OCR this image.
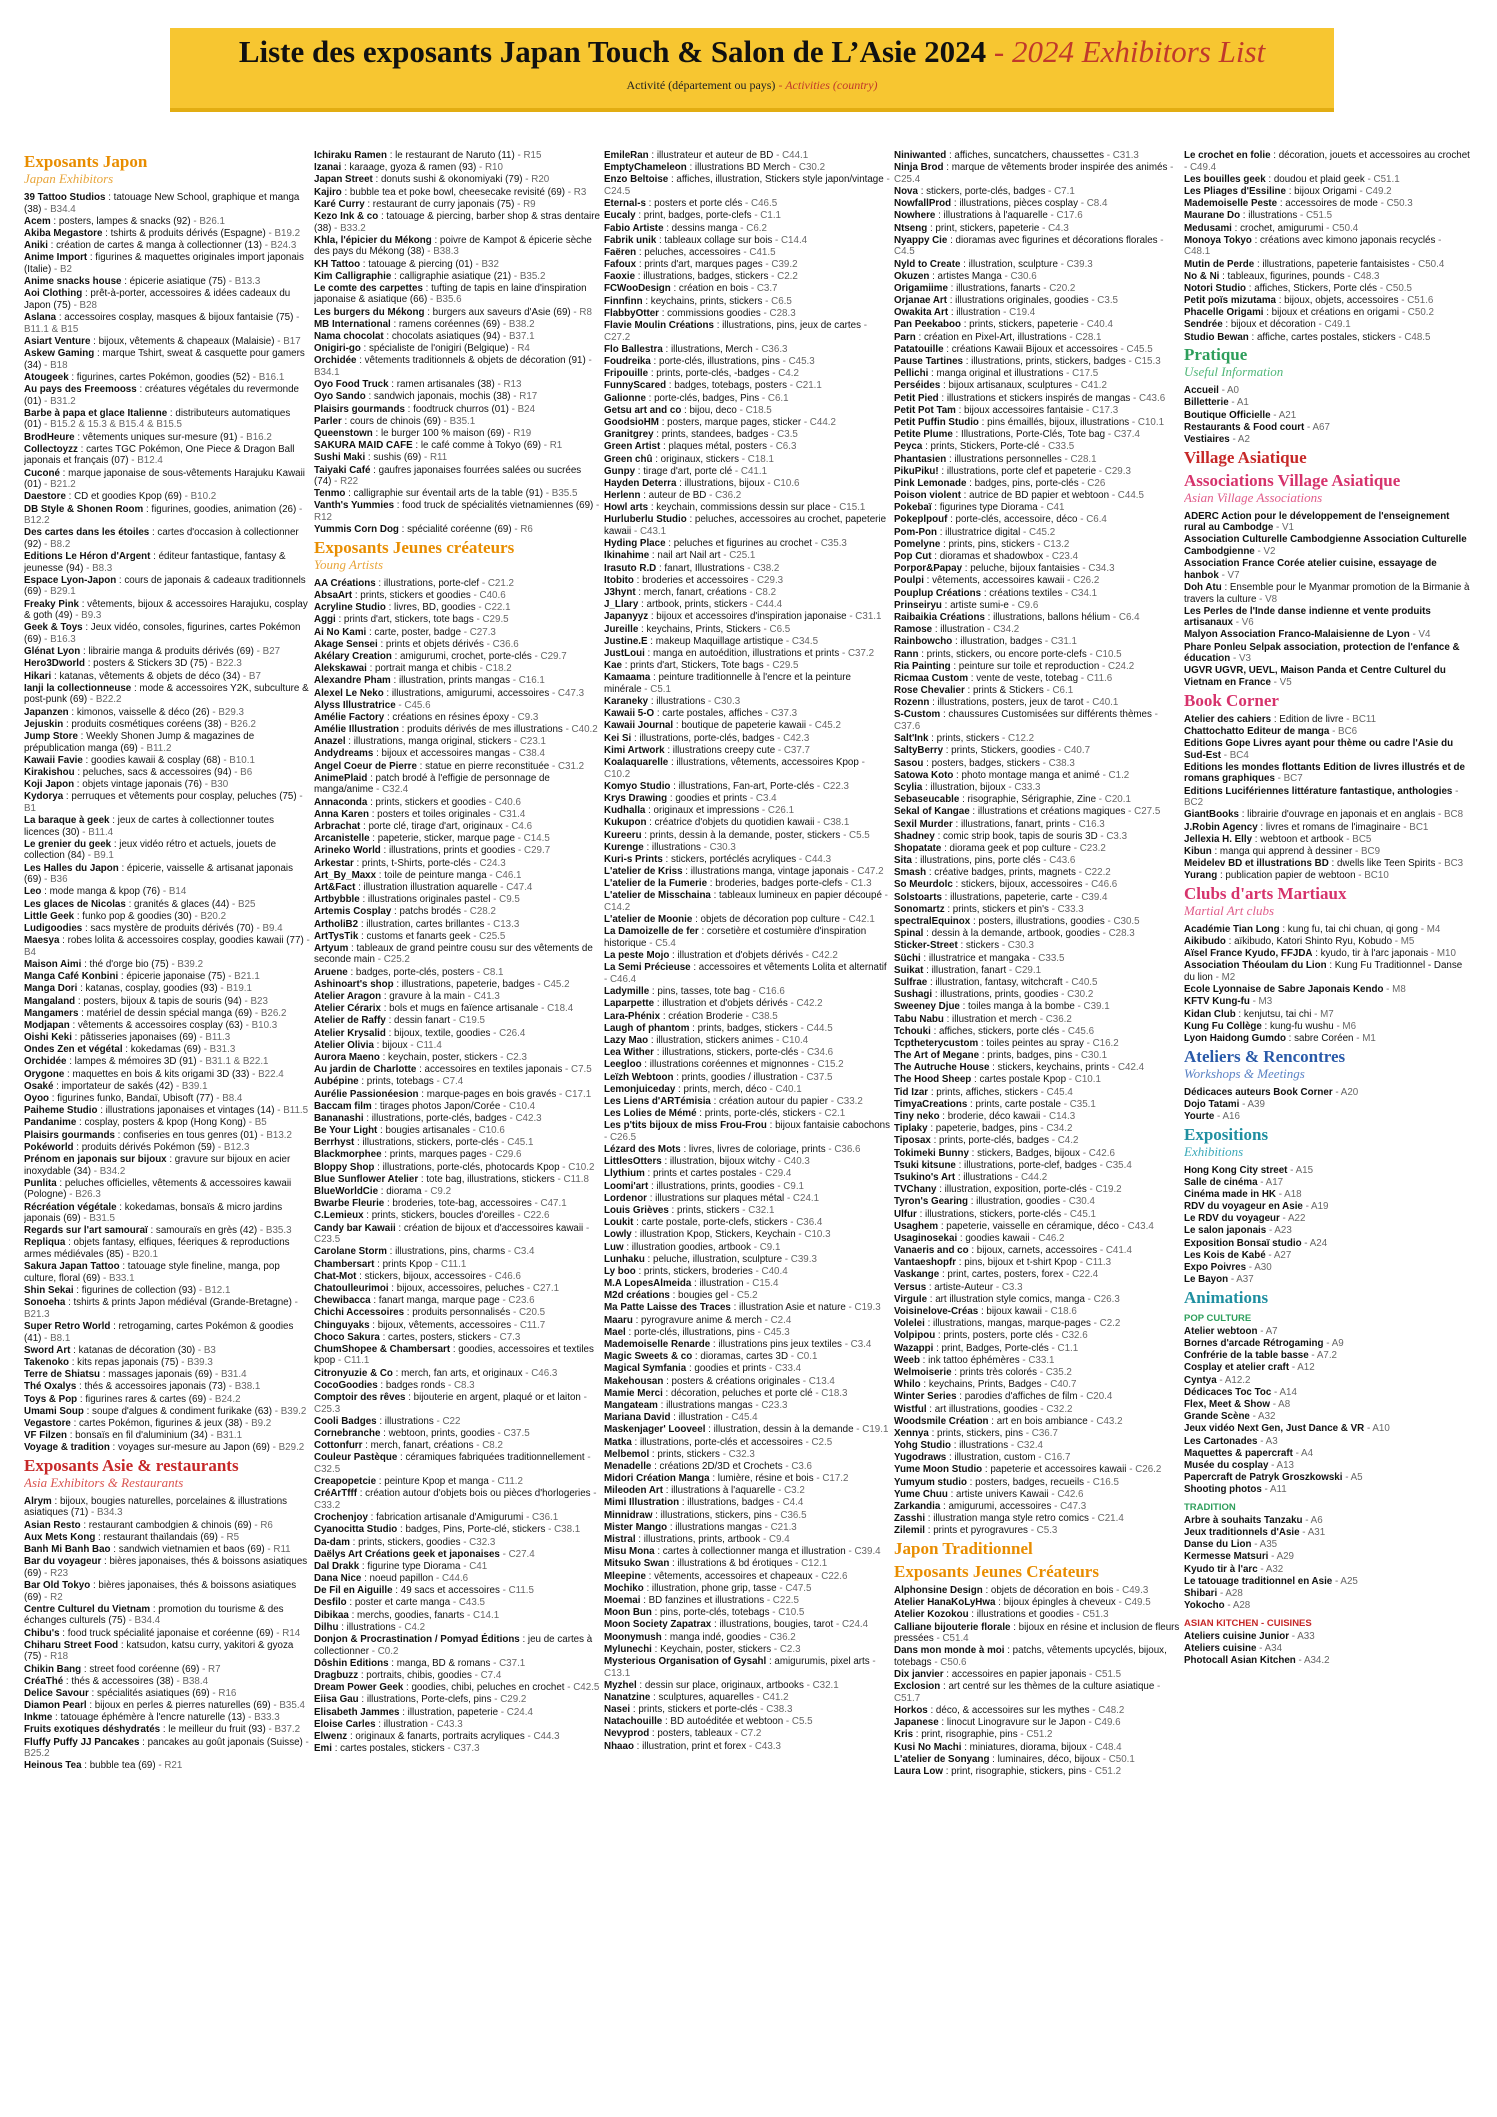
Liste des exposants Japan Touch & Salon de L’Asie 2024 - 2024 Exhibitors List
Activité (département ou pays) - Activities (country)
Exposants Japon
Japan Exhibitors
39 Tattoo Studios : tatouage New School, graphique et manga (38) - B34.4
Acem : posters, lampes & snacks (92) - B26.1
Akiba Megastore : tshirts & produits dérivés (Espagne) - B19.2
Aniki : création de cartes & manga à collectionner (13) - B24.3
Anime Import : figurines & maquettes originales import japonais (Italie) - B2
Anime snacks house : épicerie asiatique (75) - B13.3
Aoi Clothing : prêt-à-porter, accessoires & idées cadeaux du Japon (75) - B28
Aslana : accessoires cosplay, masques & bijoux fantaisie (75) - B11.1 & B15
Asiart Venture : bijoux, vêtements & chapeaux (Malaisie) - B17
Askew Gaming : marque Tshirt, sweat & casquette pour gamers (34) - B18
Atougeek : figurines, cartes Pokémon, goodies (52) - B16.1
Au pays des Freemooss : créatures végétales du revermonde (01) - B31.2
Barbe à papa et glace Italienne : distributeurs automatiques (01) - B15.2 & 15.3 & B15.4 & B15.5
BrodHeure : vêtements uniques sur-mesure (91) - B16.2
Collectoyzz : cartes TGC Pokémon, One Piece & Dragon Ball japonais et français (07) - B12.4
Cuconé : marque japonaise de sous-vêtements Harajuku Kawaii (01) - B21.2
Daestore : CD et goodies Kpop (69) - B10.2
DB Style & Shonen Room : figurines, goodies, animation (26) - B12.2
Des cartes dans les étoiles : cartes d'occasion à collectionner (92) - B8.2
Editions Le Héron d'Argent : éditeur fantastique, fantasy & jeunesse (94) - B8.3
Espace Lyon-Japon : cours de japonais & cadeaux traditionnels (69) - B29.1
Freaky Pink : vêtements, bijoux & accessoires Harajuku, cosplay & goth (49) - B9.3
Geek & Toys : Jeux vidéo, consoles, figurines, cartes Pokémon (69) - B16.3
Glénat Lyon : librairie manga & produits dérivés (69) - B27
Hero3Dworld : posters & Stickers 3D (75) - B22.3
Hikari : katanas, vêtements & objets de déco (34) - B7
Ianji la collectionneuse : mode & accessoires Y2K, subculture & post-punk (69) - B22.2
Japanzen : kimonos, vaisselle & déco (26) - B29.3
Jejuskin : produits cosmétiques coréens (38) - B26.2
Jump Store : Weekly Shonen Jump & magazines de prépublication manga (69) - B11.2
Kawaii Favie : goodies kawaii & cosplay (68) - B10.1
Kirakishou : peluches, sacs & accessoires (94) - B6
Koji Japon : objets vintage japonais (76) - B30
Kydorya : perruques et vêtements pour cosplay, peluches (75) - B1
La baraque à geek : jeux de cartes à collectionner toutes licences (30) - B11.4
Le grenier du geek : jeux vidéo rétro et actuels, jouets de collection (84) - B9.1
Les Halles du Japon : épicerie, vaisselle & artisanat japonais (69) - B36
Leo : mode manga & kpop (76) - B14
Les glaces de Nicolas : granités & glaces (44) - B25
Little Geek : funko pop & goodies (30) - B20.2
Ludigoodies : sacs mystère de produits dérivés (70) - B9.4
Maesya : robes lolita & accessoires cosplay, goodies kawaii (77) - B4
Maison Aimi : thé d'orge bio (75) - B39.2
Manga Café Konbini : épicerie japonaise (75) - B21.1
Manga Dori : katanas, cosplay, goodies (93) - B19.1
Mangaland : posters, bijoux & tapis de souris (94) - B23
Mangamers : matériel de dessin spécial manga (69) - B26.2
Modjapan : vêtements & accessoires cosplay (63) - B10.3
Oishi Keki : pâtisseries japonaises (69) - B11.3
Ondes Zen et végétal : kokedamas (69) - B31.3
Orchidée : lampes & mémoires 3D (91) - B31.1 & B22.1
Orygone : maquettes en bois & kits origami 3D (33) - B22.4
Osaké : importateur de sakés (42) - B39.1
Oyoo : figurines funko, Bandaï, Ubisoft (77) - B8.4
Paiheme Studio : illustrations japonaises et vintages (14) - B11.5
Pandanime : cosplay, posters & kpop (Hong Kong) - B5
Plaisirs gourmands : confiseries en tous genres (01) - B13.2
Pokéworld : produits dérivés Pokémon (59) - B12.3
Prénom en japonais sur bijoux : gravure sur bijoux en acier inoxydable (34) - B34.2
Punlita : peluches officielles, vêtements & accessoires kawaii (Pologne) - B26.3
Récréation végétale : kokedamas, bonsaïs & micro jardins japonais (69) - B31.5
Regards sur l'art samouraï : samouraïs en grès (42) - B35.3
Repliqua : objets fantasy, elfiques, féeriques & reproductions armes médiévales (85) - B20.1
Sakura Japan Tattoo : tatouage style fineline, manga, pop culture, floral (69) - B33.1
Shin Sekai : figurines de collection (93) - B12.1
Sonoeha : tshirts & prints Japon médiéval (Grande-Bretagne) - B21.3
Super Retro World : retrogaming, cartes Pokémon & goodies (41) - B8.1
Sword Art : katanas de décoration (30) - B3
Takenoko : kits repas japonais (75) - B39.3
Terre de Shiatsu : massages japonais (69) - B31.4
Thé Oxalys : thés & accessoires japonais (73) - B38.1
Toys & Pop : figurines rares & cartes (69) - B24.2
Umami Soup : soupe d'algues & condiment furikake (63) - B39.2
Vegastore : cartes Pokémon, figurines & jeux (38) - B9.2
VF Filzen : bonsaïs en fil d'aluminium (34) - B31.1
Voyage & tradition : voyages sur-mesure au Japon (69) - B29.2
Exposants Asie & restaurants
Asia Exhibitors & Restaurants
Alrym : bijoux, bougies naturelles, porcelaines & illustrations asiatiques (71) - B34.3
Asian Resto : restaurant cambodgien & chinois (69) - R6
Aux Mets Kong : restaurant thaïlandais (69) - R5
Banh Mi Banh Bao : sandwich vietnamien et baos (69) - R11
Bar du voyageur : bières japonaises, thés & boissons asiatiques (69) - R23
Bar Old Tokyo : bières japonaises, thés & boissons asiatiques (69) - R2
Centre Culturel du Vietnam : promotion du tourisme & des échanges culturels (75) - B34.4
Chibu's : food truck spécialité japonaise et coréenne (69) - R14
Chiharu Street Food : katsudon, katsu curry, yakitori & gyoza (75) - R18
Chikin Bang : street food coréenne (69) - R7
CréaThé : thés & accessoires (38) - B38.4
Delice Savour : spécialités asiatiques (69) - R16
Diamon Pearl : bijoux en perles & pierres naturelles (69) - B35.4
Inkme : tatouage éphémère à l'encre naturelle (13) - B33.3
Fruits exotiques déshydratés : le meilleur du fruit (93) - B37.2
Fluffy Puffy JJ Pancakes : pancakes au goût japonais (Suisse) - B25.2
Heinous Tea : bubble tea (69) - R21
Ichiraku Ramen : le restaurant de Naruto (11) - R15
Izanai : karaage, gyoza & ramen (93) - R10
Japan Street : donuts sushi & okonomiyaki (79) - R20
Kajiro : bubble tea et poke bowl, cheesecake revisité (69) - R3
Karé Curry : restaurant de curry japonais (75) - R9
Kezo Ink & co : tatouage & piercing, barber shop & stras dentaire (38) - B33.2
Khla, l'épicier du Mékong : poivre de Kampot & épicerie sèche des pays du Mékong (38) - B38.3
KH Tattoo : tatouage & piercing (01) - B32
Kim Calligraphie : calligraphie asiatique (21) - B35.2
Le comte des carpettes : tufting de tapis en laine d'inspiration japonaise & asiatique (66) - B35.6
Les burgers du Mékong : burgers aux saveurs d'Asie (69) - R8
MB International : ramens coréennes (69) - B38.2
Nama chocolat : chocolats asiatiques (94) - B37.1
Onigiri-go : spécialiste de l'onigiri (Belgique) - R4
Orchidée : vêtements traditionnels & objets de décoration (91) - B34.1
Oyo Food Truck : ramen artisanales (38) - R13
Oyo Sando : sandwich japonais, mochis (38) - R17
Plaisirs gourmands : foodtruck churros (01) - B24
Parler : cours de chinois (69) - B35.1
Queenstown : le burger 100 % maison (69) - R19
SAKURA MAID CAFE : le café comme à Tokyo (69) - R1
Sushi Maki : sushis (69) - R11
Taiyaki Café : gaufres japonaises fourrées salées ou sucrées (74) - R22
Tenmo : calligraphie sur éventail arts de la table (91) - B35.5
Vanth's Yummies : food truck de spécialités vietnamiennes (69) - R12
Yummis Corn Dog : spécialité coréenne (69) - R6
Exposants Jeunes créateurs
Young Artists
AA Créations : illustrations, porte-clef - C21.2
AbsaArt : prints, stickers et goodies - C40.6
Acryline Studio : livres, BD, goodies - C22.1
Aggi : prints d'art, stickers, tote bags - C29.5
Ai No Kami : carte, poster, badge - C27.3
Akage Sensei : prints et objets dérivés - C36.6
Akélary Creation : amigurumi, crochet, porte-clés - C29.7
Alekskawai : portrait manga et chibis - C18.2
Alexandre Pham : illustration, prints mangas - C16.1
Alexel Le Neko : illustrations, amigurumi, accessoires - C47.3
Alyss Illustratrice - C45.6
Amélie Factory : créations en résines époxy - C9.3
Amélie Illustration : produits dérivés de mes illustrations - C40.2
Anazel : illustrations, manga original, stickers - C23.1
Andydreams : bijoux et accessoires mangas - C38.4
Angel Coeur de Pierre : statue en pierre reconstituée - C31.2
AnimePlaid : patch brodé à l'effigie de personnage de manga/anime - C32.4
Annaconda : prints, stickers et goodies - C40.6
Anna Karen : posters et toiles originales - C31.4
Arbrachat : porte clé, tirage d'art, originaux - C4.6
Arcanistelle : papeterie, sticker, marque page - C14.5
Arineko World : illustrations, prints et goodies - C29.7
Arkestar : prints, t-Shirts, porte-clés - C24.3
Art_By_Maxx : toile de peinture manga - C46.1
Art&Fact : illustration illustration aquarelle - C47.4
Artbybble : illustrations originales pastel - C9.5
Artemis Cosplay : patchs brodés - C28.2
ArtholiB2 : illustration, cartes brillantes - C13.3
ArtTysTik : customs et fanarts geek - C25.5
Artyum : tableaux de grand peintre cousu sur des vêtements de seconde main - C25.2
Aruene : badges, porte-clés, posters - C8.1
Ashinoart's shop : illustrations, papeterie, badges - C45.2
Atelier Aragon : gravure à la main - C41.3
Atelier Cérarix : bols et mugs en faïence artisanale - C18.4
Atelier de Raffy : dessin fanart - C19.5
Atelier Krysalid : bijoux, textile, goodies - C26.4
Atelier Olivia : bijoux - C11.4
Aurora Maeno : keychain, poster, stickers - C2.3
Au jardin de Charlotte : accessoires en textiles japonais - C7.5
Aubépine : prints, totebags - C7.4
Aurélie Passionéesion : marque-pages en bois gravés - C17.1
Baccam film : tirages photos Japon/Corée - C10.4
Bananashi : illustrations, porte-clés, badges - C42.3
Be Your Light : bougies artisanales - C10.6
Berrhyst : illustrations, stickers, porte-clés - C45.1
Blackmorphee : prints, marques pages - C29.6
Bloppy Shop : illustrations, porte-clés, photocards Kpop - C10.2
Blue Sunflower Atelier : tote bag, illustrations, stickers - C11.8
BlueWorldCie : diorama - C9.2
Bwarbe Fleurie : broderies, tote-bag, accessoires - C47.1
C.Lemieux : prints, stickers, boucles d'oreilles - C22.6
Candy bar Kawaii : création de bijoux et d'accessoires kawaii - C23.5
Carolane Storm : illustrations, pins, charms - C3.4
Chambersart : prints Kpop - C11.1
Chat-Mot : stickers, bijoux, accessoires - C46.6
Chatoulleurimoi : bijoux, accessoires, peluches - C27.1
Chewibacca : fanart manga, marque page - C23.6
Chichi Accessoires : produits personnalisés - C20.5
Chinguyaks : bijoux, vêtements, accessoires - C11.7
Choco Sakura : cartes, posters, stickers - C7.3
ChumShopee & Chambersart : goodies, accessoires et textiles kpop - C11.1
Citronyuzie & Co : merch, fan arts, et originaux - C46.3
CocoGoodies : badges ronds - C8.3
Comptoir des rêves : bijouterie en argent, plaqué or et laiton - C25.3
Cooli Badges : illustrations - C22
Cornebranche : webtoon, prints, goodies - C37.5
Cottonfurr : merch, fanart, créations - C8.2
Couleur Pastèque : céramiques fabriquées traditionnellement - C32.5
Creapopetcie : peinture Kpop et manga - C11.2
CréArTfff : création autour d'objets bois ou pièces d'horlogeries - C33.2
Crochenjoy : fabrication artisanale d'Amigurumi - C36.1
Cyanocitta Studio : badges, Pins, Porte-clé, stickers - C38.1
Da-dam : prints, stickers, goodies - C32.3
Daëlys Art Créations geek et japonaises - C27.4
Dal Drakk : figurine type Diorama - C41
Dana Nice : noeud papillon - C44.6
De Fil en Aiguille : 49 sacs et accessoires - C11.5
Desfilo : poster et carte manga - C43.5
Dibikaa : merchs, goodies, fanarts - C14.1
Dilhu : illustrations - C4.2
Donjon & Procrastination / Pomyad Éditions : jeu de cartes à collectionner - C0.2
Dôshin Editions : manga, BD & romans - C37.1
Dragbuzz : portraits, chibis, goodies - C7.4
Dream Power Geek : goodies, chibi, peluches en crochet - C42.5
Eiisa Gau : illustrations, Porte-clefs, pins - C29.2
Elisabeth Jammes : illustration, papeterie - C24.4
Eloise Carles : illustration - C43.3
Elwenz : originaux & fanarts, portraits acryliques - C44.3
Emi : cartes postales, stickers - C37.3
EmileRan : illustrateur et auteur de BD - C44.1
EmptyChameleon : illustrations BD Merch - C30.2
Enzo Beltoise : affiches, illustration, Stickers style japon/vintage - C24.5
Eternal-s : posters et porte clés - C46.5
Eucaly : print, badges, porte-clefs - C1.1
Fabio Artiste : dessins manga - C6.2
Fabrik unik : tableaux collage sur bois - C14.4
Faëren : peluches, accessoires - C41.5
Fafoux : prints d'art, marques pages - C39.2
Faoxie : illustrations, badges, stickers - C2.2
FCWooDesign : création en bois - C3.7
Finnfinn : keychains, prints, stickers - C6.5
FlabbyOtter : commissions goodies - C28.3
Flavie Moulin Créations : illustrations, pins, jeux de cartes - C27.2
Flo Ballestra : illustrations, Merch - C36.3
Foudreika : porte-clés, illustrations, pins - C45.3
Fripouille : prints, porte-clés, -badges - C4.2
FunnyScared : badges, totebags, posters - C21.1
Galionne : porte-clés, badges, Pins - C6.1
Getsu art and co : bijou, deco - C18.5
GoodsioHM : posters, marque pages, sticker - C44.2
Granitgrey : prints, standees, badges - C3.5
Green Artist : plaques métal, posters - C6.3
Green chû : originaux, stickers - C18.1
Gunpy : tirage d'art, porte clé - C41.1
Hayden Deterra : illustrations, bijoux - C10.6
Herlenn : auteur de BD - C36.2
Howl arts : keychain, commissions dessin sur place - C15.1
Hurluberlu Studio : peluches, accessoires au crochet, papeterie kawaii - C43.1
Hyding Place : peluches et figurines au crochet - C35.3
Ikinahime : nail art Nail art - C25.1
Irasuto R.D : fanart, Illustrations - C38.2
Itobito : broderies et accessoires - C29.3
J3hynt : merch, fanart, créations - C8.2
J_Llary : artbook, prints, stickers - C44.4
Japanyyz : bijoux et accessoires d'inspiration japonaise - C31.1
Jureille : keychains, Prints, Stickers - C6.5
Justine.E : makeup Maquillage artistique - C34.5
JustLoui : manga en autoédition, illustrations et prints - C37.2
Kae : prints d'art, Stickers, Tote bags - C29.5
Kamaama : peinture traditionnelle à l'encre et la peinture minérale - C5.1
Karaneky : illustrations - C30.3
Kawaii 5-O : carte postales, affiches - C37.3
Kawaii Journal : boutique de papeterie kawaii - C45.2
Kei Si : illustrations, porte-clés, badges - C42.3
Kimi Artwork : illustrations creepy cute - C37.7
Koalaquarelle : illustrations, vêtements, accessoires Kpop - C10.2
Komyo Studio : illustrations, Fan-art, Porte-clés - C22.3
Krys Drawing : goodies et prints - C3.4
Kudhalla : originaux et impressions - C26.1
Kukupon : créatrice d'objets du quotidien kawaii - C38.1
Kureeru : prints, dessin à la demande, poster, stickers - C5.5
Kurenge : illustrations - C30.3
Kuri-s Prints : stickers, portéclés acryliques - C44.3
L'atelier de Kriss : illustrations manga, vintage japonais - C47.2
L'atelier de la Fumerie : broderies, badges porte-clefs - C1.3
L'atelier de Misschaina : tableaux lumineux en papier découpé - C14.2
L'atelier de Moonie : objets de décoration pop culture - C42.1
La Damoizelle de fer : corsetière et costumière d'inspiration historique - C5.4
La peste Mojo : illustration et d'objets dérivés - C42.2
La Semi Précieuse : accessoires et vêtements Lolita et alternatif - C46.4
Ladymille : pins, tasses, tote bag - C16.6
Laparpette : illustration et d'objets dérivés - C42.2
Lara-Phénix : création Broderie - C38.5
Laugh of phantom : prints, badges, stickers - C44.5
Lazy Mao : illustration, stickers animes - C10.4
Lea Wither : illustrations, stickers, porte-clés - C34.6
Leegloo : illustrations coréennes et mignonnes - C15.2
Leïzh Webtoon : prints, goodies / illustration - C37.5
Lemonjuiceday : prints, merch, déco - C40.1
Les Liens d'ARTémisia : création autour du papier - C33.2
Les Lolies de Mémé : prints, porte-clés, stickers - C2.1
Les p'tits bijoux de miss Frou-Frou : bijoux fantaisie cabochons - C26.5
Lézard des Mots : livres, livres de coloriage, prints - C36.6
LittlesOtters : illustration, bijoux witchy - C40.3
Llythium : prints et cartes postales - C29.4
Loomi'art : illustrations, prints, goodies - C9.1
Lordenor : illustrations sur plaques métal - C24.1
Louis Grièves : prints, stickers - C32.1
Loukit : carte postale, porte-clefs, stickers - C36.4
Lowly : illustration Kpop, Stickers, Keychain - C10.3
Luw : illustration goodies, artbook - C9.1
Lunhaku : peluche, illustration, sculpture - C39.3
Ly boo : prints, stickers, broderies - C40.4
M.A LopesAlmeida : illustration - C15.4
M2d créations : bougies gel - C5.2
Ma Patte Laisse des Traces : illustration Asie et nature - C19.3
Maaru : pyrogravure anime & merch - C2.4
Mael : porte-clés, illustrations, pins - C45.3
Mademoiselle Renarde : illustrations pins jeux textiles - C3.4
Magic Sweets & co : dioramas, cartes 3D - C0.1
Magical Symfania : goodies et prints - C33.4
Makehousan : posters & créations originales - C13.4
Mamie Merci : décoration, peluches et porte clé - C18.3
Mangateam : illustrations mangas - C23.3
Mariana David : illustration - C45.4
Maskenjager' Looveel : illustration, dessin à la demande - C19.1
Matka : illustrations, porte-clés et accessoires - C2.5
Melbemol : prints, stickers - C32.3
Menadelle : créations 2D/3D et Crochets - C3.6
Midori Création Manga : lumière, résine et bois - C17.2
Mileoden Art : illustrations à l'aquarelle - C3.2
Mimi Illustration : illustrations, badges - C4.4
Minnidraw : illustrations, stickers, pins - C36.5
Mister Mango : illustrations mangas - C21.3
Mistral : illustrations, prints, artbook - C9.4
Misu Mona : cartes à collectionner manga et illustration - C39.4
Mitsuko Swan : illustrations & bd érotiques - C12.1
Mleepine : vêtements, accessoires et chapeaux - C22.6
Mochiko : illustration, phone grip, tasse - C47.5
Moemai : BD fanzines et illustrations - C22.5
Moon Bun : pins, porte-clés, totebags - C10.5
Moon Society Zapatrax : illustrations, bougies, tarot - C24.4
Moonymush : manga indé, goodies - C36.2
Mylunechi : Keychain, poster, stickers - C2.3
Mysterious Organisation of Gysahl : amigurumis, pixel arts - C13.1
Myzhel : dessin sur place, originaux, artbooks - C32.1
Nanatzine : sculptures, aquarelles - C41.2
Nasei : prints, stickers et porte-clés - C38.3
Natachouille : BD autoéditée et webtoon - C5.5
Nevyprod : posters, tableaux - C7.2
Nhaao : illustration, print et forex - C43.3
Niniwanted : affiches, suncatchers, chaussettes - C31.3
Ninja Brod : marque de vêtements broder inspirée des animés - C25.4
Nova : stickers, porte-clés, badges - C7.1
NowfallProd : illustrations, pièces cosplay - C8.4
Nowhere : illustrations à l'aquarelle - C17.6
Ntseng : print, stickers, papeterie - C4.3
Nyappy Cie : dioramas avec figurines et décorations florales - C4.5
Nyld to Create : illustration, sculpture - C39.3
Okuzen : artistes Manga - C30.6
Origamiime : illustrations, fanarts - C20.2
Orjanae Art : illustrations originales, goodies - C3.5
Owakita Art : illustration - C19.4
Pan Peekaboo : prints, stickers, papeterie - C40.4
Parn : création en Pixel-Art, illustrations - C28.1
Patatouille : créations Kawaii Bijoux et accessoires - C45.5
Pause Tartines : illustrations, prints, stickers, badges - C15.3
Pellichi : manga original et illustrations - C17.5
Perséides : bijoux artisanaux, sculptures - C41.2
Petit Pied : illustrations et stickers inspirés de mangas - C43.6
Petit Pot Tam : bijoux accessoires fantaisie - C17.3
Petit Puffin Studio : pins émaillés, bijoux, illustrations - C10.1
Petite Plume : Illustrations, Porte-Clés, Tote bag - C37.4
Peyca : prints, Stickers, Porte-clé - C33.5
Phantasien : illustrations personnelles - C28.1
PikuPiku! : illustrations, porte clef et papeterie - C29.3
Pink Lemonade : badges, pins, porte-clés - C26
Poison violent : autrice de BD papier et webtoon - C44.5
Pokebaï : figurines type Diorama - C41
Pokeplpouf : porte-clés, accessoire, déco - C6.4
Pom-Pon : illustratrice digital - C45.2
Pomelyne : prints, pins, stickers - C13.2
Pop Cut : dioramas et shadowbox - C23.4
Porpor&Papay : peluche, bijoux fantaisies - C34.3
Poulpi : vêtements, accessoires kawaii - C26.2
Pouplup Créations : créations textiles - C34.1
Prinseiryu : artiste sumi-e - C9.6
Raibaikia Créations : illustrations, ballons hélium - C6.4
Ramose : illustration - C34.2
Rainbowcho : illustration, badges - C31.1
Rann : prints, stickers, ou encore porte-clefs - C10.5
Ria Painting : peinture sur toile et reproduction - C24.2
Ricmaa Custom : vente de veste, totebag - C11.6
Rose Chevalier : prints & Stickers - C6.1
Rozenn : illustrations, posters, jeux de tarot - C40.1
S-Custom : chaussures Customisées sur différents thèmes - C37.6
Salt'Ink : prints, stickers - C12.2
SaltyBerry : prints, Stickers, goodies - C40.7
Sasou : posters, badges, stickers - C38.3
Satowa Koto : photo montage manga et animé - C1.2
Scylia : illustration, bijoux - C33.3
Sebaseucable : risographie, Sérigraphie, Zine - C20.1
Sekal of Kangae : illustrations et créations magiques - C27.5
Sexil Murder : illustrations, fanart, prints - C16.3
Shadney : comic strip book, tapis de souris 3D - C3.3
Shopatate : diorama geek et pop culture - C23.2
Sita : illustrations, pins, porte clés - C43.6
Smash : créative badges, prints, magnets - C22.2
So Meurdolc : stickers, bijoux, accessoires - C46.6
Solstoarts : illustrations, papeterie, carte - C39.4
Sonomartz : prints, stickers et pin's - C33.3
spectralEquinox : posters, illustrations, goodies - C30.5
Spinal : dessin à la demande, artbook, goodies - C28.3
Sticker-Street : stickers - C30.3
Süchi : illustratrice et mangaka - C33.5
Suikat : illustration, fanart - C29.1
Sulfrae : illustration, fantasy, witchcraft - C40.5
Sushagi : illustrations, prints, goodies - C30.2
Sweeney Djue : toiles manga à la bombe - C39.1
Tabu Nabu : illustration et merch - C36.2
Tchouki : affiches, stickers, porte clés - C45.6
Tcptheterycustom : toiles peintes au spray - C16.2
The Art of Megane : prints, badges, pins - C30.1
The Autruche House : stickers, keychains, prints - C42.4
The Hood Sheep : cartes postale Kpop - C10.1
Tid Izar : prints, affiches, stickers - C45.4
TimyaCreations : prints, carte postale - C35.1
Tiny neko : broderie, déco kawaii - C14.3
Tiplaky : papeterie, badges, pins - C34.2
Tiposax : prints, porte-clés, badges - C4.2
Tokimeki Bunny : stickers, Badges, bijoux - C42.6
Tsuki kitsune : illustrations, porte-clef, badges - C35.4
Tsukino's Art : illustrations - C44.2
TVChany : illustration, exposition, porte-clés - C19.2
Tyron's Gearing : illustration, goodies - C30.4
Ulfur : illustrations, stickers, porte-clés - C45.1
Usaghem : papeterie, vaisselle en céramique, déco - C43.4
Usaginosekai : goodies kawaii - C46.2
Vanaeris and co : bijoux, carnets, accessoires - C41.4
Vantaeshopfr : pins, bijoux et t-shirt Kpop - C11.3
Vaskange : print, cartes, posters, forex - C22.4
Versus : artiste-Auteur - C3.3
Virgule : art illustration style comics, manga - C26.3
Voisinelove-Créas : bijoux kawaii - C18.6
Volelei : illustrations, mangas, marque-pages - C2.2
Volpipou : prints, posters, porte clés - C32.6
Wazappi : print, Badges, Porte-clés - C1.1
Weeb : ink tattoo éphémères - C33.1
Welmoiserie : prints très colorés - C35.2
Whilo : keychains, Prints, Badges - C40.7
Winter Series : parodies d'affiches de film - C20.4
Wistful : art illustrations, goodies - C32.2
Woodsmile Création : art en bois ambiance - C43.2
Xennya : prints, stickers, pins - C36.7
Yohg Studio : illustrations - C32.4
Yugodraws : illustration, custom - C16.7
Yume Moon Studio : papeterie et accessoires kawaii - C26.2
Yumyum studio : posters, badges, recueils - C16.5
Yume Chuu : artiste univers Kawaii - C42.6
Zarkandia : amigurumi, accessoires - C47.3
Zasshi : illustration manga style retro comics - C21.4
Zilemil : prints et pyrogravures - C5.3
Japon Traditionnel
Exposants Jeunes Créateurs
Alphonsine Design : objets de décoration en bois - C49.3
Atelier HanaKoLyHwa : bijoux épingles à cheveux - C49.5
Atelier Kozokou : illustrations et goodies - C51.3
Calliane bijouterie florale : bijoux en résine et inclusion de fleurs pressées - C51.4
Dans mon monde à moi : patchs, vêtements upcyclés, bijoux, totebags - C50.6
Dix janvier : accessoires en papier japonais - C51.5
Exclosion : art centré sur les thèmes de la culture asiatique - C51.7
Horkos : déco, & accessoires sur les mythes - C48.2
Japanese : linocut Linogravure sur le Japon - C49.6
Kris : print, risographie, pins - C51.2
Kusi No Machi : miniatures, diorama, bijoux - C48.4
L'atelier de Sonyang : luminaires, déco, bijoux - C50.1
Laura Low : print, risographie, stickers, pins - C51.2
Le crochet en folie : décoration, jouets et accessoires au crochet - C49.4
Les bouilles geek : doudou et plaid geek - C51.1
Les Pliages d'Essiline : bijoux Origami - C49.2
Mademoiselle Peste : accessoires de mode - C50.3
Maurane Do : illustrations - C51.5
Medusami : crochet, amigurumi - C50.4
Monoya Tokyo : créations avec kimono japonais recyclés - C48.1
Mutin de Perde : illustrations, papeterie fantaisistes - C50.4
No & Ni : tableaux, figurines, pounds - C48.3
Notori Studio : affiches, Stickers, Porte clés - C50.5
Petit poïs mizutama : bijoux, objets, accessoires - C51.6
Phacelle Origami : bijoux et créations en origami - C50.2
Sendrée : bijoux et décoration - C49.1
Studio Bewan : affiche, cartes postales, stickers - C48.5
Pratique
Useful Information
Accueil - A0
Billetterie - A1
Boutique Officielle - A21
Restaurants & Food court - A67
Vestiaires - A2
Village Asiatique
Associations Village Asiatique
Asian Village Associations
ADERC Action pour le développement de l'enseignement rural au Cambodge - V1
Association Culturelle Cambodgienne Association Culturelle Cambodgienne - V2
Association France Corée atelier cuisine, essayage de hanbok - V7
Doh Atu : Ensemble pour le Myanmar promotion de la Birmanie à travers la culture - V8
Les Perles de l'Inde danse indienne et vente produits artisanaux - V6
Malyon Association Franco-Malaisienne de Lyon - V4
Phare Ponleu Selpak association, protection de l'enfance & éducation - V3
UGVR UGVR, UEVL, Maison Panda et Centre Culturel du Vietnam en France - V5
Book Corner
Atelier des cahiers : Edition de livre - BC11
Chattochatto Editeur de manga - BC6
Editions Gope Livres ayant pour thème ou cadre l'Asie du Sud-Est - BC4
Editions les mondes flottants Edition de livres illustrés et de romans graphiques - BC7
Editions Lucifériennes littérature fantastique, anthologies - BC2
GiantBooks : librairie d'ouvrage en japonais et en anglais - BC8
J.Robin Agency : livres et romans de l'imaginaire - BC1
Jellexia H. Elly : webtoon et artbook - BC5
Kibun : manga qui apprend à dessiner - BC9
Meidelev BD et illustrations BD : dwells like Teen Spirits - BC3
Yurang : publication papier de webtoon - BC10
Clubs d'arts Martiaux
Martial Art clubs
Académie Tian Long : kung fu, tai chi chuan, qi gong - M4
Aikibudo : aïkibudo, Katori Shinto Ryu, Kobudo - M5
Aïsel France Kyudo, FFJDA : kyudo, tir à l'arc japonais - M10
Association Théoulam du Lion : Kung Fu Traditionnel - Danse du lion - M2
Ecole Lyonnaise de Sabre Japonais Kendo - M8
KFTV Kung-fu - M3
Kidan Club : kenjutsu, tai chi - M7
Kung Fu Collège : kung-fu wushu - M6
Lyon Haidong Gumdo : sabre Coréen - M1
Ateliers & Rencontres
Workshops & Meetings
Dédicaces auteurs Book Corner - A20
Dojo Tatami - A39
Yourte - A16
Expositions
Exhibitions
Hong Kong City street - A15
Salle de cinéma - A17
Cinéma made in HK - A18
RDV du voyageur en Asie - A19
Le RDV du voyageur - A22
Le salon japonais - A23
Exposition Bonsaï studio - A24
Les Kois de Kabé - A27
Expo Poivres - A30
Le Bayon - A37
Animations
POP CULTURE
Atelier webtoon - A7
Bornes d'arcade Rétrogaming - A9
Confrérie de la table basse - A7.2
Cosplay et atelier craft - A12
Cyntya - A12.2
Dédicaces Toc Toc - A14
Flex, Meet & Show - A8
Grande Scène - A32
Jeux vidéo Next Gen, Just Dance & VR - A10
Les Cartonades - A3
Maquettes & papercraft - A4
Musée du cosplay - A13
Papercraft de Patryk Groszkowski - A5
Shooting photos - A11
TRADITION
Arbre à souhaits Tanzaku - A6
Jeux traditionnels d'Asie - A31
Danse du Lion - A35
Kermesse Matsuri - A29
Kyudo tir à l'arc - A32
Le tatouage traditionnel en Asie - A25
Shibari - A28
Yokocho - A28
ASIAN KITCHEN - CUISINES
Ateliers cuisine Junior - A33
Ateliers cuisine - A34
Photocall Asian Kitchen - A34.2
